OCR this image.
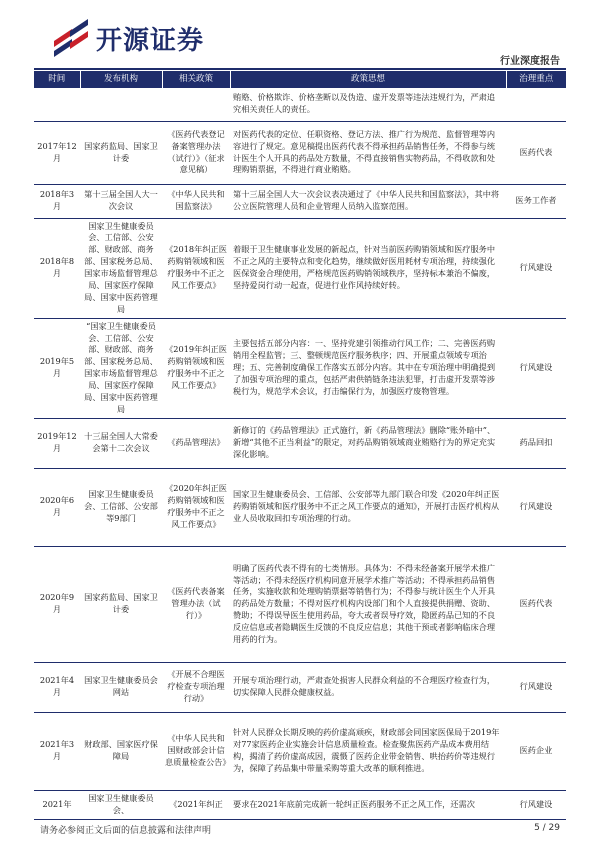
开源证券
行业深度报告
时间	发布机构	相关政策	政策思想	治理重点
			贿赂、价格欺诈、价格垄断以及伪造、虚开发票等违法违规行为，严肃追究相关责任人的责任。	
2017年12月	国家药监局、国家卫计委	《医药代表登记备案管理办法（试行）》（征求意见稿）	对医药代表的定位、任职资格、登记方法、推广行为规范、监督管理等内容进行了规定。意见稿提出医药代表不得承担药品销售任务，不得参与统计医生个人开具的药品处方数量，不得直接销售实物药品，不得收款和处理购销票据，不得进行商业贿赂。	医药代表
2018年3月	第十三届全国人大一次会议	《中华人民共和国监察法》	第十三届全国人大一次会议表决通过了《中华人民共和国监察法》，其中将公立医院管理人员和企业管理人员纳入监察范围。	医务工作者
2018年8月	国家卫生健康委员会、工信部、公安部、财政部、商务部、国家税务总局、国家市场监督管理总局、国家医疗保障局、国家中医药管理局	《2018年纠正医药购销领域和医疗服务中不正之风工作要点》	着眼于卫生健康事业发展的新起点，针对当前医药购销领域和医疗服务中不正之风的主要特点和变化趋势，继续做好医用耗材专项治理，持续强化医保资金合理使用，严格规范医药购销领域秩序，坚持标本兼治不偏废，坚持爱岗行动一起查，促进行业作风持续好转。	行风建设
2019年5月	“国家卫生健康委员会、工信部、公安部、财政部、商务部、国家税务总局、国家市场监督管理总局、国家医疗保障局、国家中医药管理局	《2019年纠正医药购销领域和医疗服务中不正之风工作要点》	主要包括五部分内容：一、坚持党建引领推动行风工作；二、完善医药购销用全程监管；三、整顿规范医疗服务秩序；四、开展重点领域专项治理；五、完善制度确保工作落实五部分内容。其中在专项治理中明确提到了加强专项治理的重点，包括严肃供销链条违法犯罪，打击虚开发票等涉税行为，规范学术会议，打击编保行为，加强医疗废物管理。	行风建设
2019年12月	十三届全国人大常委会第十二次会议	《药品管理法》	新修订的《药品管理法》正式施行，新《药品管理法》删除“账外暗中”、新增“其他不正当利益”的限定，对药品购销领域商业贿赂行为的界定充实深化影响。	药品回扣
2020年6月	国家卫生健康委员会、工信部、公安部等9部门	《2020年纠正医药购销领域和医疗服务中不正之风工作要点》	国家卫生健康委员会、工信部、公安部等九部门联合印发《2020年纠正医药购销领域和医疗服务中不正之风工作要点的通知》，开展打击医疗机构从业人员收取回扣专项治理的行动。	行风建设
2020年9月	国家药监局、国家卫计委	《医药代表备案管理办法（试行）》	明确了医药代表不得有的七类情形。具体为：不得未经备案开展学术推广等活动；不得未经医疗机构同意开展学术推广等活动；不得承担药品销售任务，实施收款和处理购销票据等销售行为；不得参与统计医生个人开具的药品处方数量；不得对医疗机构内设部门和个人直接提供捐赠、资助、赞助；不得误导医生使用药品，夸大或者误导疗效，隐匿药品已知的不良反应信息或者隐瞒医生反馈的不良反应信息；其他干预或者影响临床合理用药的行为。	医药代表
2021年4月	国家卫生健康委员会网站	《开展不合理医疗检查专项治理行动》	开展专项治理行动，严肃查处损害人民群众利益的不合理医疗检查行为，切实保障人民群众健康权益。	行风建设
2021年3月	财政部、国家医疗保障局	《中华人民共和国财政部会计信息质量检查公告》	针对人民群众长期反映的药价虚高顽疾，财政部会同国家医保局于2019年对77家医药企业实施会计信息质量检查。检查聚焦医药产品成本费用结构，揭清了药价虚高成因，震慑了医药企业带金销售、哄抬药价等违规行为，保障了药品集中带量采购等重大改革的顺利推进。	医药企业
2021年	国家卫生健康委员会、	《2021年纠正	要求在2021年底前完成新一轮纠正医药服务不正之风工作，还需次	行风建设
请务必参阅正文后面的信息披露和法律声明	5 / 29
